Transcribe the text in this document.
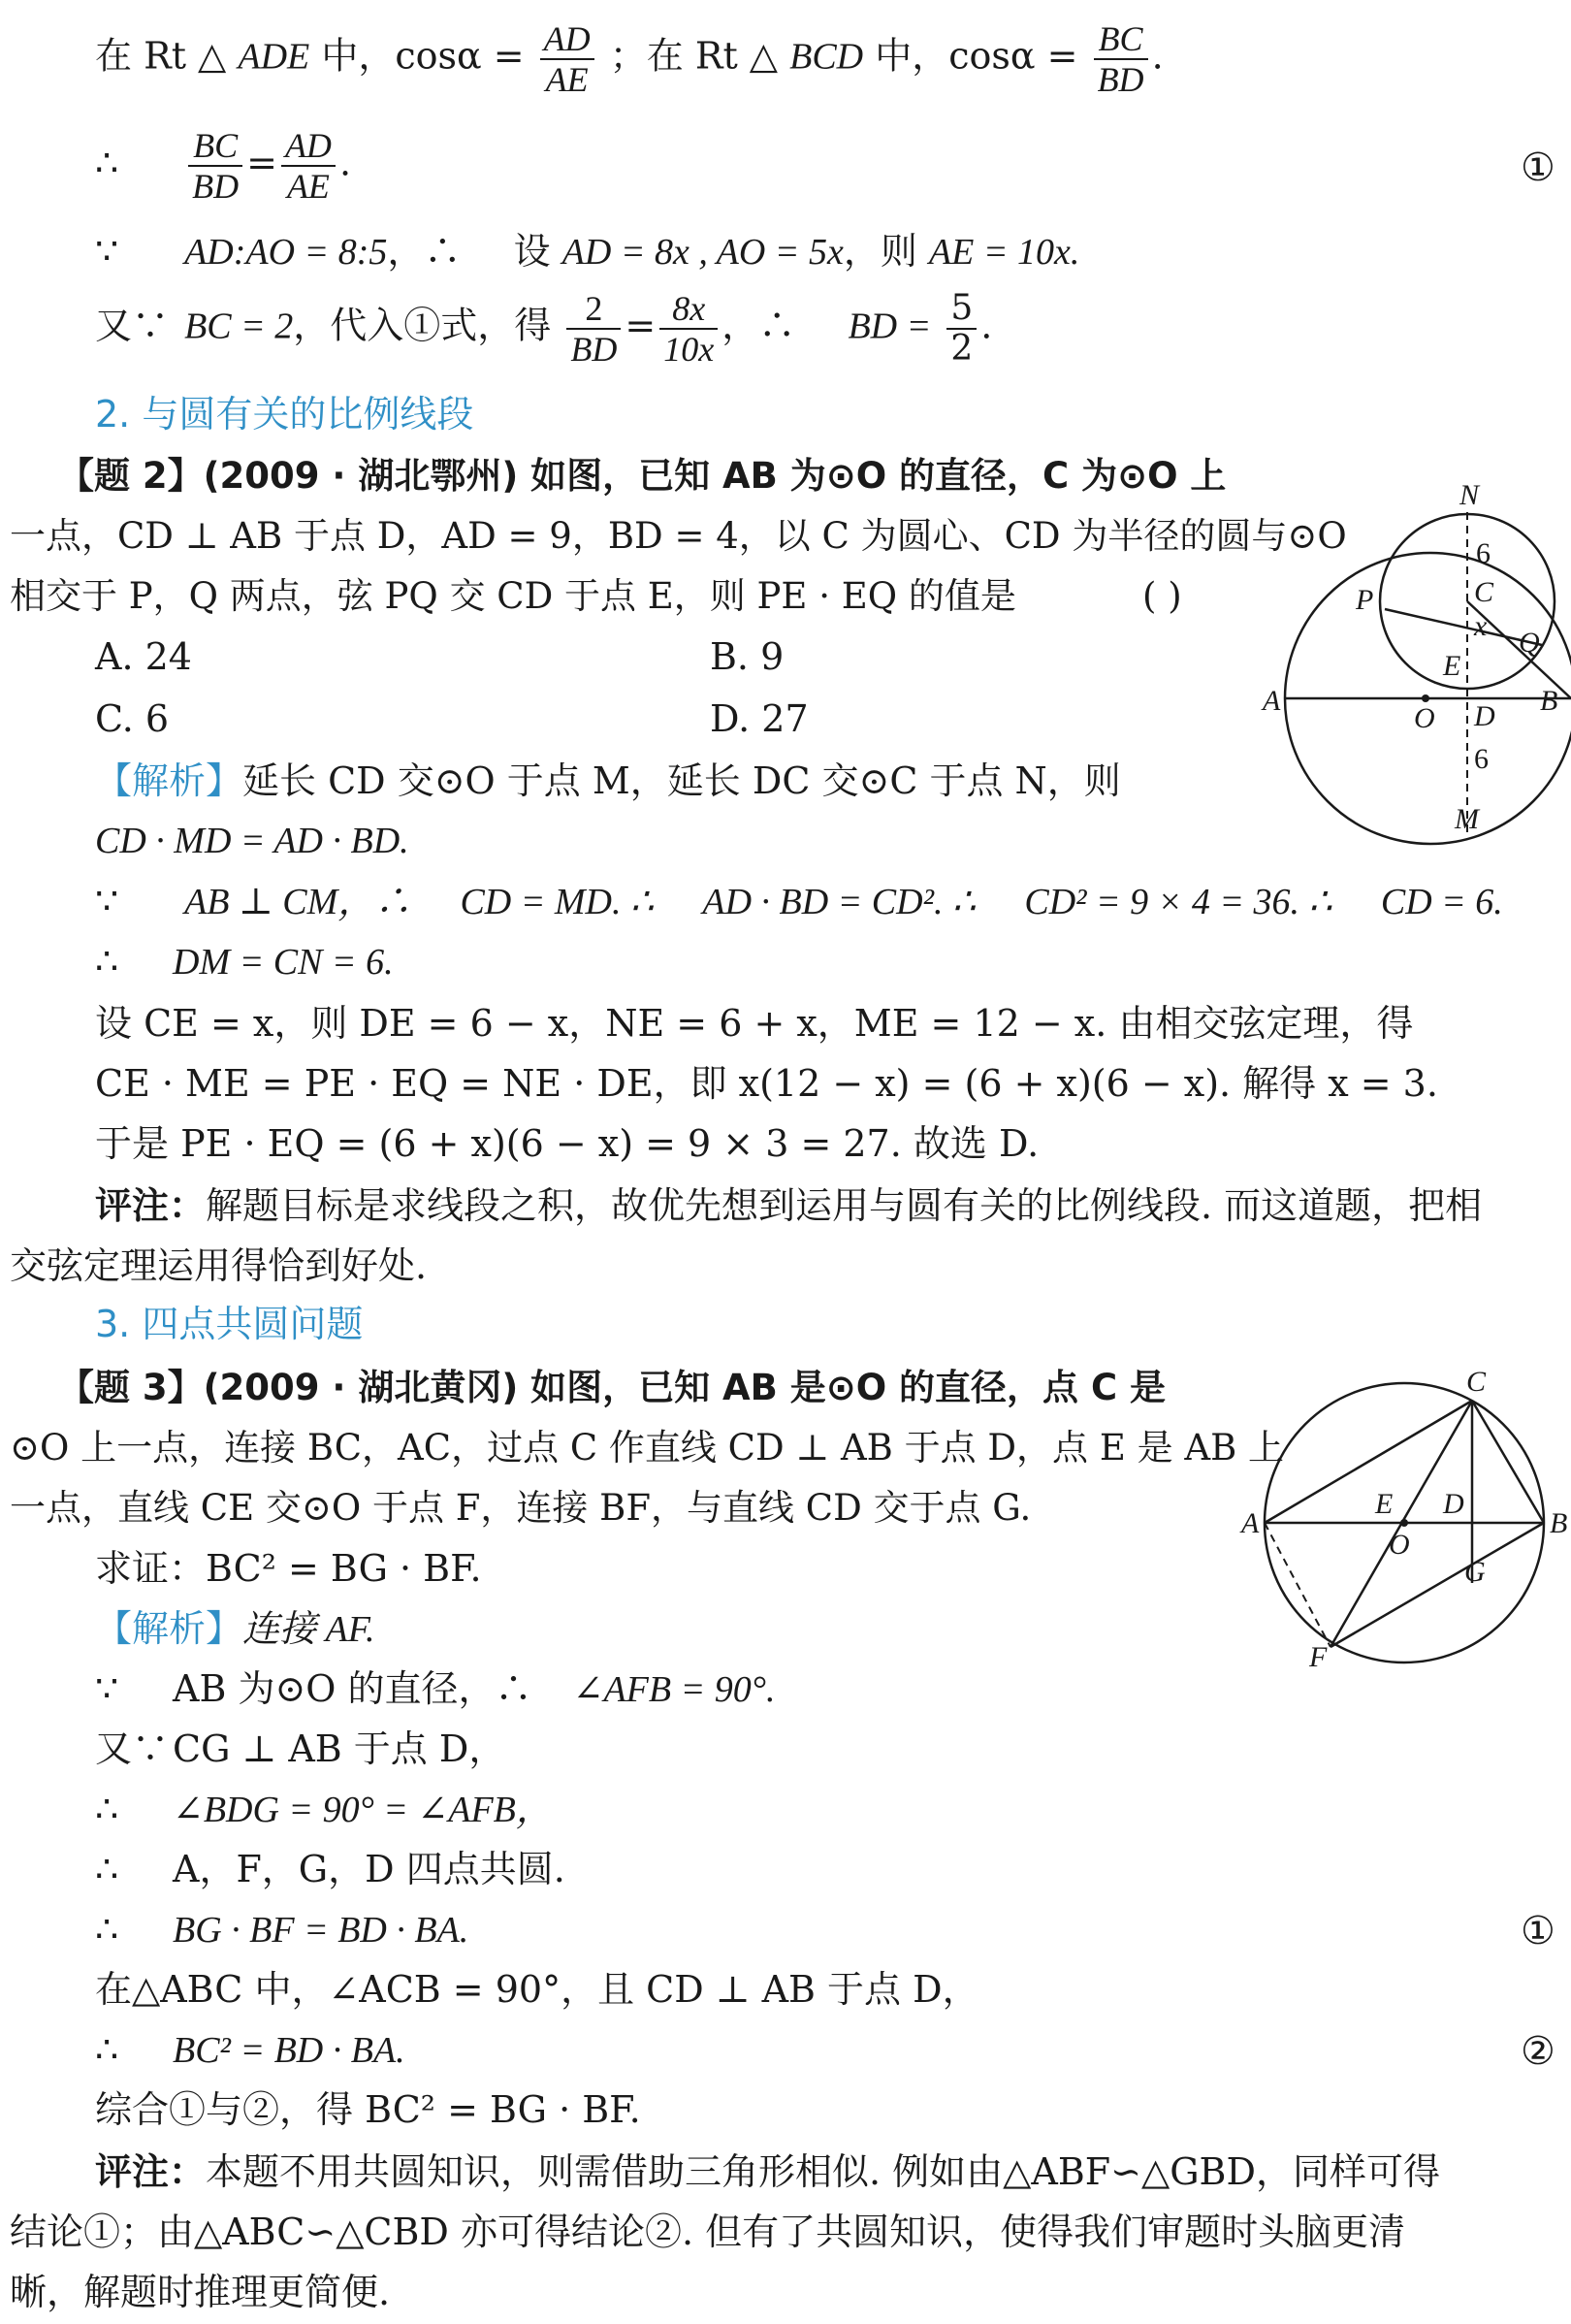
在 Rt △ ADE 中，$\cos\alpha = \frac{AD}{AE}$ ；在 Rt △ BCD 中，$\cos\alpha = \frac{BC}{BD}$ .
∴ $\frac{BC}{BD} = \frac{AD}{AE}$ .	①
∵ AD:AO = 8:5，∴ 设 AD = 8x , AO = 5x，则 AE = 10x.
又∵ BC = 2，代入①式，得 $\frac{2}{BD} = \frac{8x}{10x}$ ，∴ BD = $\frac{5}{2}$ .
2. 与圆有关的比例线段
【题 2】(2009 · 湖北鄂州) 如图，已知 AB 为⊙O 的直径，C 为⊙O 上
一点，CD ⊥ AB 于点 D，AD = 9，BD = 4，以 C 为圆心、CD 为半径的圆与⊙O
相交于 P，Q 两点，弦 PQ 交 CD 于点 E，则 PE · EQ 的值是	( )
A. 24	B. 9
C. 6	D. 27
【解析】延长 CD 交⊙O 于点 M，延长 DC 交⊙C 于点 N，则
CD · MD = AD · BD.
∵ AB ⊥ CM，∴ CD = MD. ∴ AD · BD = CD². ∴ CD² = 9 × 4 = 36. ∴ CD = 6.
∴ DM = CN = 6.
设 CE = x，则 DE = 6 − x，NE = 6 + x，ME = 12 − x. 由相交弦定理，得
CE · ME = PE · EQ = NE · DE，即 x(12 − x) = (6 + x)(6 − x). 解得 x = 3.
于是 PE · EQ = (6 + x)(6 − x) = 9 × 3 = 27. 故选 D.
评注：解题目标是求线段之积，故优先想到运用与圆有关的比例线段. 而这道题，把相
交弦定理运用得恰到好处.
N
6
C
x
P
Q
E
A
O D B
6
M
3. 四点共圆问题
【题 3】(2009 · 湖北黄冈) 如图，已知 AB 是⊙O 的直径，点 C 是
⊙O 上一点，连接 BC，AC，过点 C 作直线 CD ⊥ AB 于点 D，点 E 是 AB 上
一点，直线 CE 交⊙O 于点 F，连接 BF，与直线 CD 交于点 G.
求证：BC² = BG · BF.
【解析】连接 AF.
∵ AB 为⊙O 的直径，∴ ∠AFB = 90°.
又∵ CG ⊥ AB 于点 D，
∴ ∠BDG = 90° = ∠AFB，
∴ A，F，G，D 四点共圆.
∴ BG · BF = BD · BA.	①
在△ABC 中，∠ACB = 90°，且 CD ⊥ AB 于点 D，
∴ BC² = BD · BA.	②
综合①与②，得 BC² = BG · BF.
评注：本题不用共圆知识，则需借助三角形相似. 例如由△ABF∽△GBD，同样可得
结论①；由△ABC∽△CBD 亦可得结论②. 但有了共圆知识，使得我们审题时头脑更清
晰，解题时推理更简便.
C
A
E D
B
O
G
F
